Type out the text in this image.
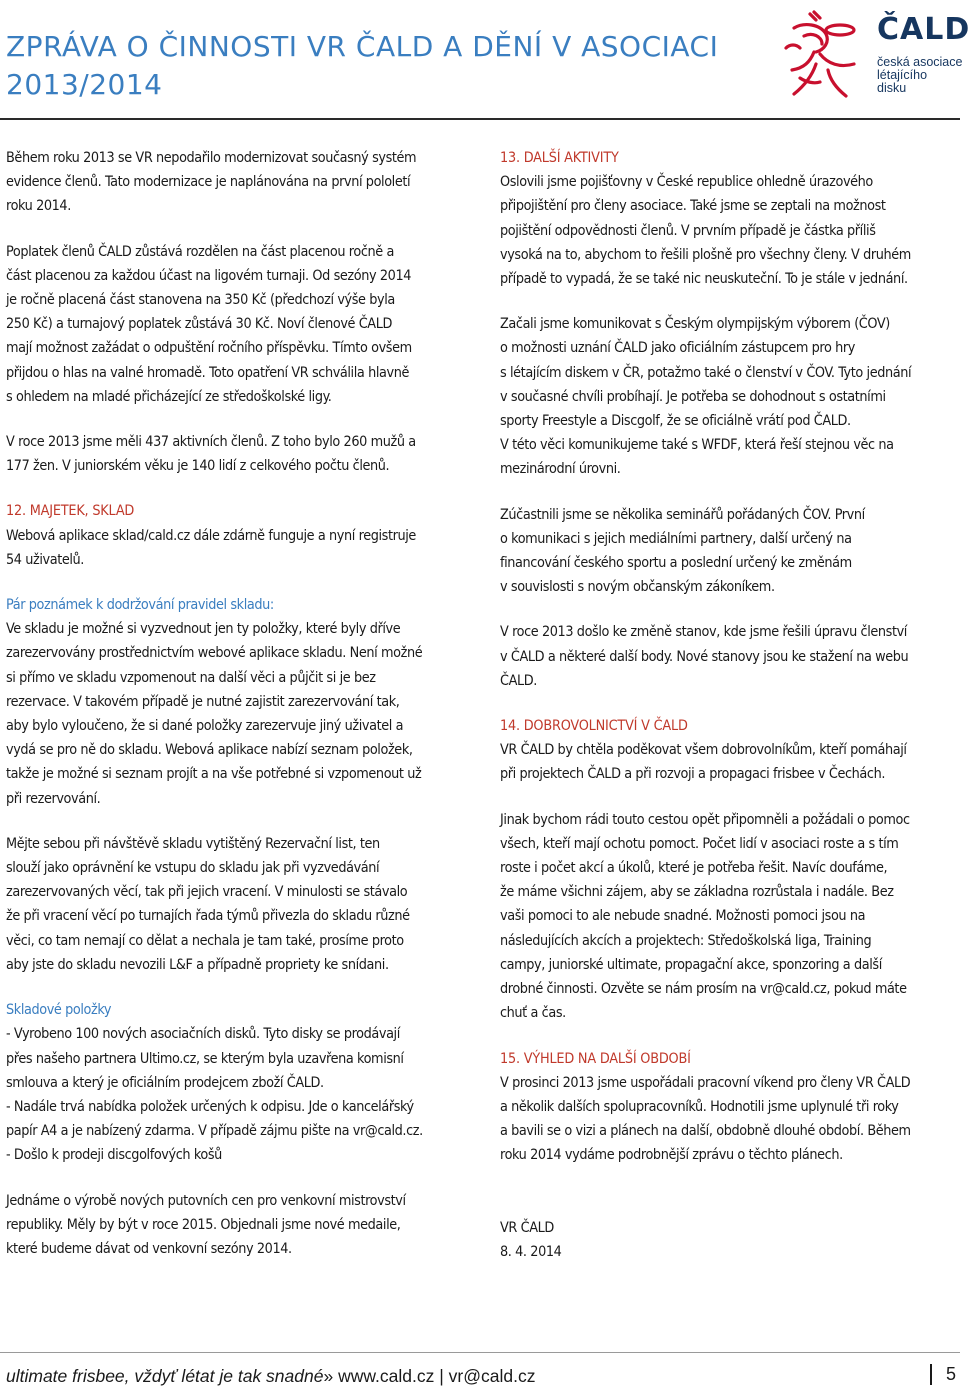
ZPRÁVA O ČINNOSTI VR ČALD A DĚNÍ V ASOCIACI
2013/2014
ČALD
česká asociace
létajícího
disku

Během roku 2013 se VR nepodařilo modernizovat současný systém
evidence členů. Tato modernizace je naplánována na první pololetí
roku 2014.

Poplatek členů ČALD zůstává rozdělen na část placenou ročně a
část placenou za každou účast na ligovém turnaji. Od sezóny 2014
je ročně placená část stanovena na 350 Kč (předchozí výše byla
250 Kč) a turnajový poplatek zůstává 30 Kč. Noví členové ČALD
mají možnost zažádat o odpuštění ročního příspěvku. Tímto ovšem
přijdou o hlas na valné hromadě. Toto opatření VR schválila hlavně
s ohledem na mladé přicházející ze středoškolské ligy.

V roce 2013 jsme měli 437 aktivních členů. Z toho bylo 260 mužů a
177 žen. V juniorském věku je 140 lidí z celkového počtu členů.

12. MAJETEK, SKLAD

Webová aplikace sklad/cald.cz dále zdárně funguje a nyní registruje
54 uživatelů.

Pár poznámek k dodržování pravidel skladu:
Ve skladu je možné si vyzvednout jen ty položky, které byly dříve
zarezervovány prostřednictvím webové aplikace skladu. Není možné
si přímo ve skladu vzpomenout na další věci a půjčit si je bez
rezervace. V takovém případě je nutné zajistit zarezervování tak,
aby bylo vyloučeno, že si dané položky zarezervuje jiný uživatel a
vydá se pro ně do skladu. Webová aplikace nabízí seznam položek,
takže je možné si seznam projít a na vše potřebné si vzpomenout už
při rezervování.

Mějte sebou při návštěvě skladu vytištěný Rezervační list, ten
slouží jako oprávnění ke vstupu do skladu jak při vyzvedávání
zarezervovaných věcí, tak při jejich vracení. V minulosti se stávalo
že při vracení věcí po turnajích řada týmů přivezla do skladu různé
věci, co tam nemají co dělat a nechala je tam také, prosíme proto
aby jste do skladu nevozili L&F a případně propriety ke snídani.

Skladové položky
- Vyrobeno 100 nových asociačních disků. Tyto disky se prodávají
přes našeho partnera Ultimo.cz, se kterým byla uzavřena komisní
smlouva a který je oficiálním prodejcem zboží ČALD.
- Nadále trvá nabídka položek určených k odpisu. Jde o kancelářský
papír A4 a je nabízený zdarma. V případě zájmu pište na vr@cald.cz.
- Došlo k prodeji discgolfových košů

Jednáme o výrobě nových putovních cen pro venkovní mistrovství
republiky. Měly by být v roce 2015. Objednali jsme nové medaile,
které budeme dávat od venkovní sezóny 2014.

13. DALŠÍ AKTIVITY
Oslovili jsme pojišťovny v České republice ohledně úrazového
připojištění pro členy asociace. Také jsme se zeptali na možnost
pojištění odpovědnosti členů. V prvním případě je částka příliš
vysoká na to, abychom to řešili plošně pro všechny členy. V druhém
případě to vypadá, že se také nic neuskuteční. To je stále v jednání.

Začali jsme komunikovat s Českým olympijským výborem (ČOV)
o možnosti uznání ČALD jako oficiálním zástupcem pro hry
s létajícím diskem v ČR, potažmo také o členství v ČOV. Tyto jednání
v současné chvíli probíhají. Je potřeba se dohodnout s ostatními
sporty Freestyle a Discgolf, že se oficiálně vrátí pod ČALD.
V této věci komunikujeme také s WFDF, která řeší stejnou věc na
mezinárodní úrovni.

Zúčastnili jsme se několika seminářů pořádaných ČOV. První
o komunikaci s jejich mediálními partnery, další určený na
financování českého sportu a poslední určený ke změnám
v souvislosti s novým občanským zákoníkem.

V roce 2013 došlo ke změně stanov, kde jsme řešili úpravu členství
v ČALD a některé další body. Nové stanovy jsou ke stažení na webu
ČALD.

14. DOBROVOLNICTVÍ V ČALD
VR ČALD by chtěla poděkovat všem dobrovolníkům, kteří pomáhají
při projektech ČALD a při rozvoji a propagaci frisbee v Čechách.

Jinak bychom rádi touto cestou opět připomněli a požádali o pomoc
všech, kteří mají ochotu pomoct. Počet lidí v asociaci roste a s tím
roste i počet akcí a úkolů, které je potřeba řešit. Navíc doufáme,
že máme všichni zájem, aby se základna rozrůstala i nadále. Bez
vaši pomoci to ale nebude snadné. Možnosti pomoci jsou na
následujících akcích a projektech: Středoškolská liga, Training
campy, juniorské ultimate, propagační akce, sponzoring a další
drobné činnosti. Ozvěte se nám prosím na vr@cald.cz, pokud máte
chuť a čas.

15. VÝHLED NA DALŠÍ OBDOBÍ
V prosinci 2013 jsme uspořádali pracovní víkend pro členy VR ČALD
a několik dalších spolupracovníků. Hodnotili jsme uplynulé tři roky
a bavili se o vizi a plánech na další, obdobně dlouhé období. Během
roku 2014 vydáme podrobnější zprávu o těchto plánech.

VR ČALD
8. 4. 2014

ultimate frisbee, vždyť létat je tak snadné» www.cald.cz | vr@cald.cz	5
